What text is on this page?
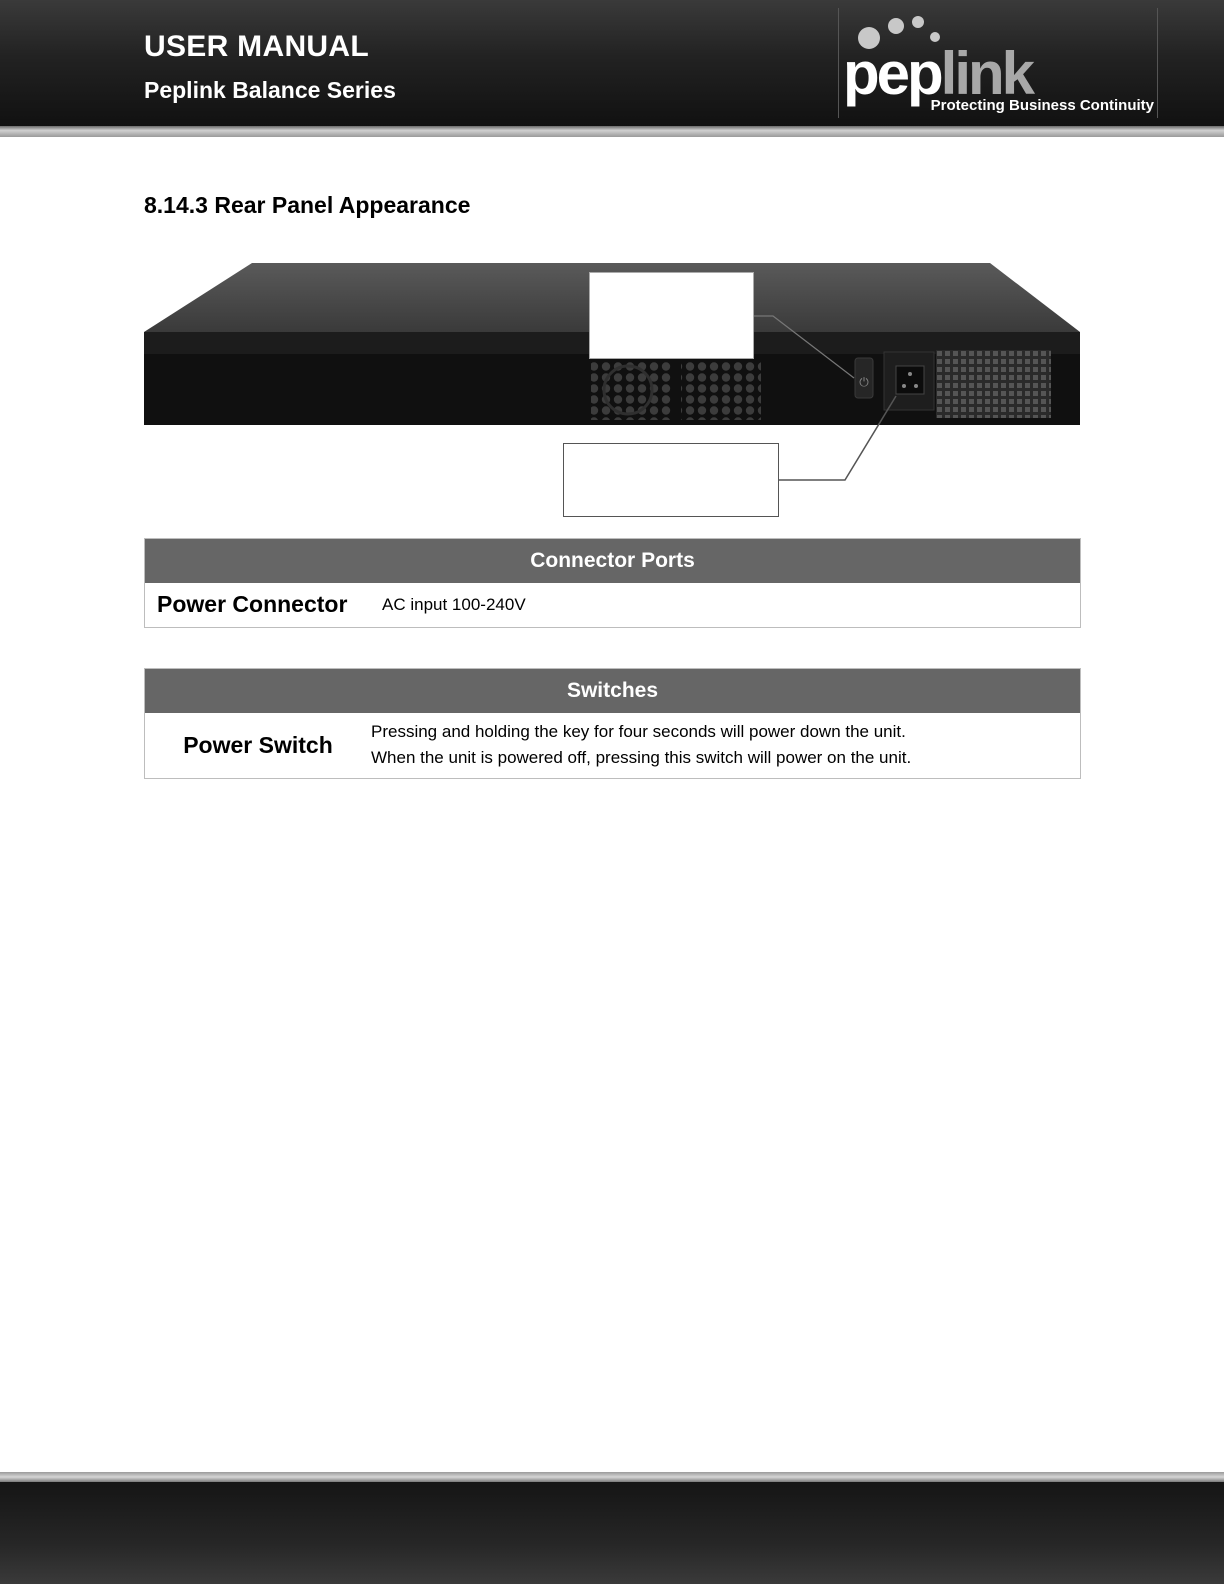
USER MANUAL
Peplink Balance Series	peplink
Protecting Business Continuity
8.14.3 Rear Panel Appearance
⏻
Connector Ports
Power Connector	AC input 100-240V
Switches
Power Switch	Pressing and holding the key for four seconds will power down the unit.
When the unit is powered off, pressing this switch will power on the unit.
